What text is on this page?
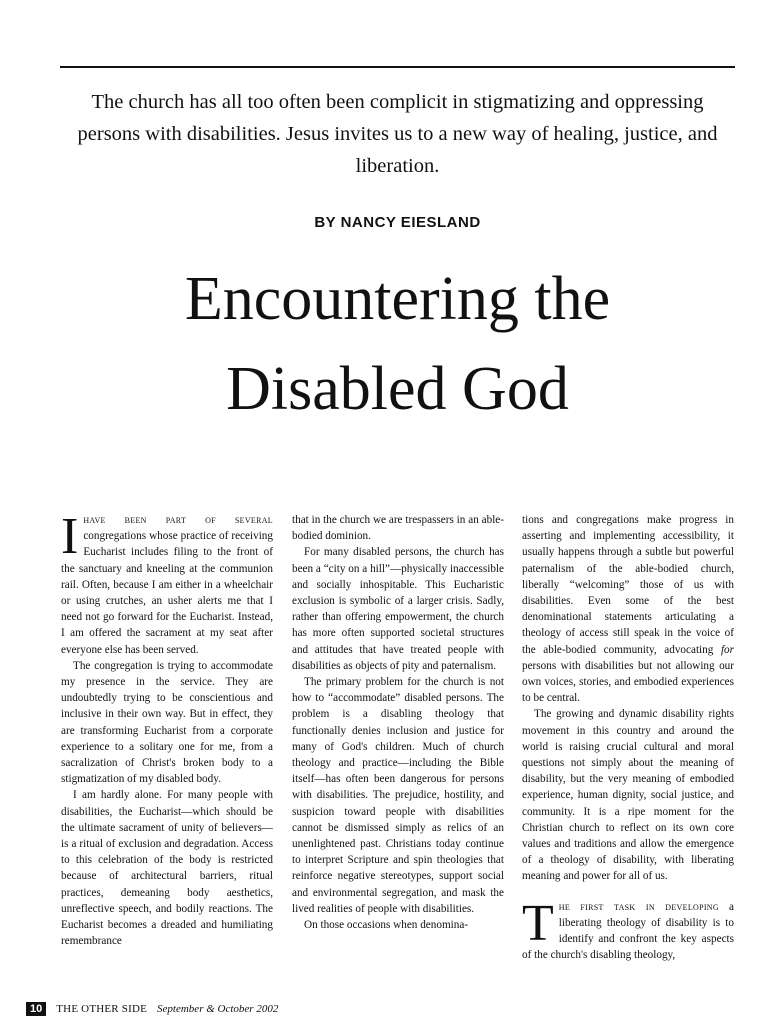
The church has all too often been complicit in stigmatizing and oppressing persons with disabilities. Jesus invites us to a new way of healing, justice, and liberation.
BY NANCY EIESLAND
Encountering the
Disabled God

Ihave been part of several congregations whose practice of receiving Eucharist includes filing to the front of the sanctuary and kneeling at the communion rail. Often, because I am either in a wheelchair or using crutches, an usher alerts me that I need not go forward for the Eucharist. Instead, I am offered the sacrament at my seat after everyone else has been served.

The congregation is trying to accommodate my presence in the service. They are undoubtedly trying to be conscientious and inclusive in their own way. But in effect, they are transforming Eucharist from a corporate experience to a solitary one for me, from a sacralization of Christ's broken body to a stigmatization of my disabled body.

I am hardly alone. For many people with disabilities, the Eucharist—which should be the ultimate sacrament of unity of believers—is a ritual of exclusion and degradation. Access to this celebration of the body is restricted because of architectural barriers, ritual practices, demeaning body aesthetics, unreflective speech, and bodily reactions. The Eucharist becomes a dreaded and humiliating remembrance

that in the church we are trespassers in an able-bodied dominion.

For many disabled persons, the church has been a “city on a hill”—physically inaccessible and socially inhospitable. This Eucharistic exclusion is symbolic of a larger crisis. Sadly, rather than offering empowerment, the church has more often supported societal structures and attitudes that have treated people with disabilities as objects of pity and paternalism.

The primary problem for the church is not how to “accommodate” disabled persons. The problem is a disabling theology that functionally denies inclusion and justice for many of God's children. Much of church theology and practice—including the Bible itself—has often been dangerous for persons with disabilities. The prejudice, hostility, and suspicion toward people with disabilities cannot be dismissed simply as relics of an unenlightened past. Christians today continue to interpret Scripture and spin theologies that reinforce negative stereotypes, support social and environmental segregation, and mask the lived realities of people with disabilities.

On those occasions when denomina-

tions and congregations make progress in asserting and implementing accessibility, it usually happens through a subtle but powerful paternalism of the able-bodied church, liberally “welcoming” those of us with disabilities. Even some of the best denominational statements articulating a theology of access still speak in the voice of the able-bodied community, advocating for persons with disabilities but not allowing our own voices, stories, and embodied experiences to be central.

The growing and dynamic disability rights movement in this country and around the world is raising crucial cultural and moral questions not simply about the meaning of disability, but the very meaning of embodied experience, human dignity, social justice, and community. It is a ripe moment for the Christian church to reflect on its own core values and traditions and allow the emergence of a theology of disability, with liberating meaning and power for all of us.

The first task in developing a liberating theology of disability is to identify and confront the key aspects of the church's disabling theology,

10	THE OTHER SIDE September & October 2002
